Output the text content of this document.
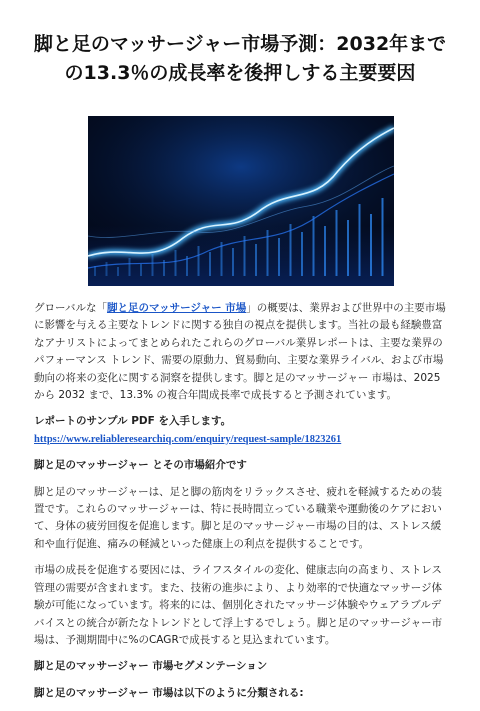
脚と足のマッサージャー市場予測：2032年まで
の13.3％の成長率を後押しする主要要因

グローバルな「脚と足のマッサージャー 市場」の概要は、業界および世界中の主要市場に影響を与える主要なトレンドに関する独自の視点を提供します。当社の最も経験豊富なアナリストによってまとめられたこれらのグローバル業界レポートは、主要な業界のパフォーマンス トレンド、需要の原動力、貿易動向、主要な業界ライバル、および市場動向の将来の変化に関する洞察を提供します。脚と足のマッサージャー 市場は、2025 から 2032 まで、13.3% の複合年間成長率で成長すると予測されています。

レポートのサンプル PDF を入手します。 https://www.reliableresearchiq.com/enquiry/request-sample/1823261

脚と足のマッサージャー とその市場紹介です

脚と足のマッサージャーは、足と脚の筋肉をリラックスさせ、疲れを軽減するための装置です。これらのマッサージャーは、特に長時間立っている職業や運動後のケアにおいて、身体の疲労回復を促進します。脚と足のマッサージャー市場の目的は、ストレス緩和や血行促進、痛みの軽減といった健康上の利点を提供することです。

市場の成長を促進する要因には、ライフスタイルの変化、健康志向の高まり、ストレス管理の需要が含まれます。また、技術の進歩により、より効率的で快適なマッサージ体験が可能になっています。将来的には、個別化されたマッサージ体験やウェアラブルデバイスとの統合が新たなトレンドとして浮上するでしょう。脚と足のマッサージャー市場は、予測期間中に%のCAGRで成長すると見込まれています。

脚と足のマッサージャー 市場セグメンテーション

脚と足のマッサージャー 市場は以下のように分類される:
